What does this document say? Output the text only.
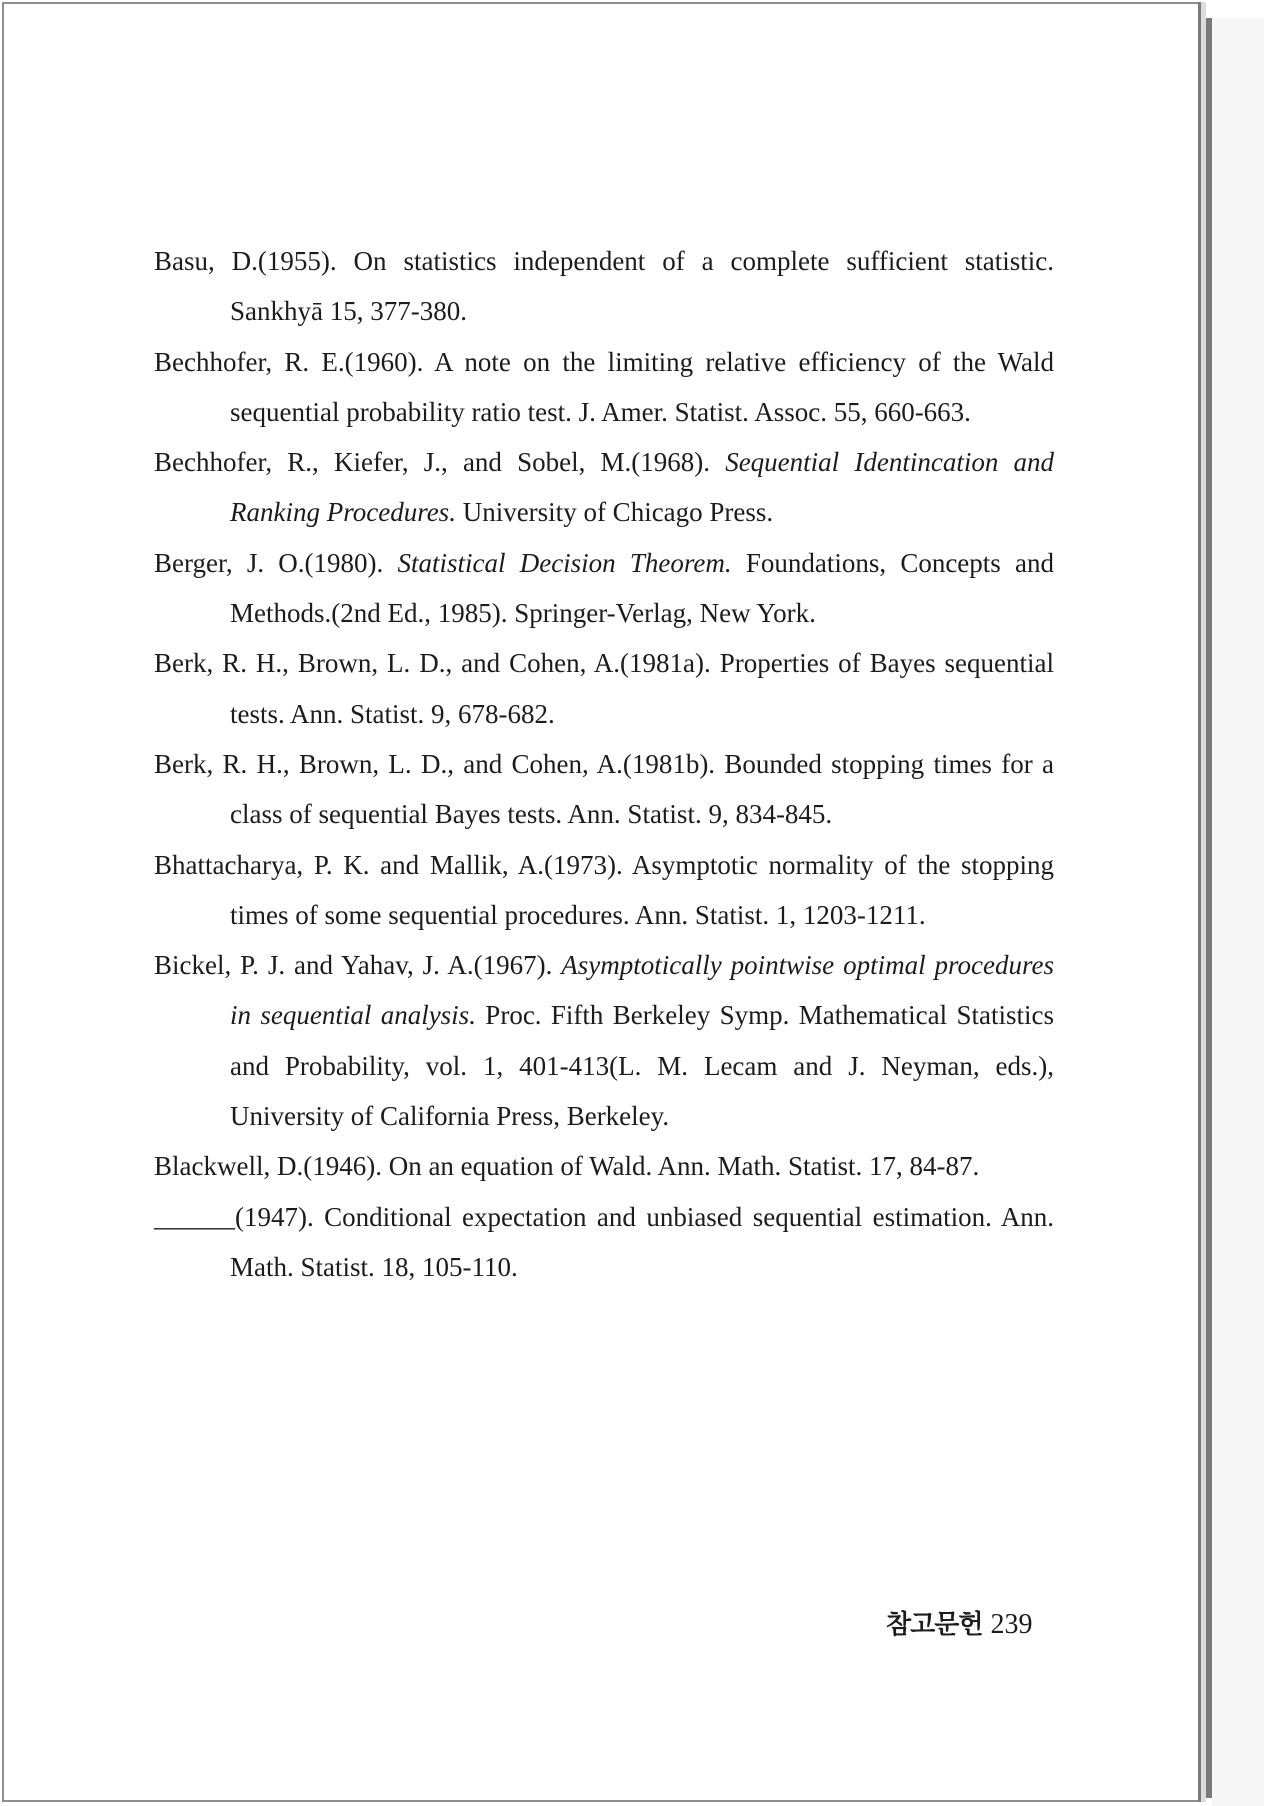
Basu, D.(1955). On statistics independent of a complete sufficient statistic. Sankhyā 15, 377-380.

Bechhofer, R. E.(1960). A note on the limiting relative efficiency of the Wald sequential probability ratio test. J. Amer. Statist. Assoc. 55, 660-663.

Bechhofer, R., Kiefer, J., and Sobel, M.(1968). Sequential Identincation and Ranking Procedures. University of Chicago Press.

Berger, J. O.(1980). Statistical Decision Theorem. Foundations, Concepts and Methods.(2nd Ed., 1985). Springer-Verlag, New York.

Berk, R. H., Brown, L. D., and Cohen, A.(1981a). Properties of Bayes sequential tests. Ann. Statist. 9, 678-682.

Berk, R. H., Brown, L. D., and Cohen, A.(1981b). Bounded stopping times for a class of sequential Bayes tests. Ann. Statist. 9, 834-845.

Bhattacharya, P. K. and Mallik, A.(1973). Asymptotic normality of the stopping times of some sequential procedures. Ann. Statist. 1, 1203-1211.

Bickel, P. J. and Yahav, J. A.(1967). Asymptotically pointwise optimal procedures in sequential analysis. Proc. Fifth Berkeley Symp. Mathematical Statistics and Probability, vol. 1, 401-413(L. M. Lecam and J. Neyman, eds.), University of California Press, Berkeley.

Blackwell, D.(1946). On an equation of Wald. Ann. Math. Statist. 17, 84-87.

______(1947). Conditional expectation and unbiased sequential estimation. Ann. Math. Statist. 18, 105-110.

참고문헌 239
